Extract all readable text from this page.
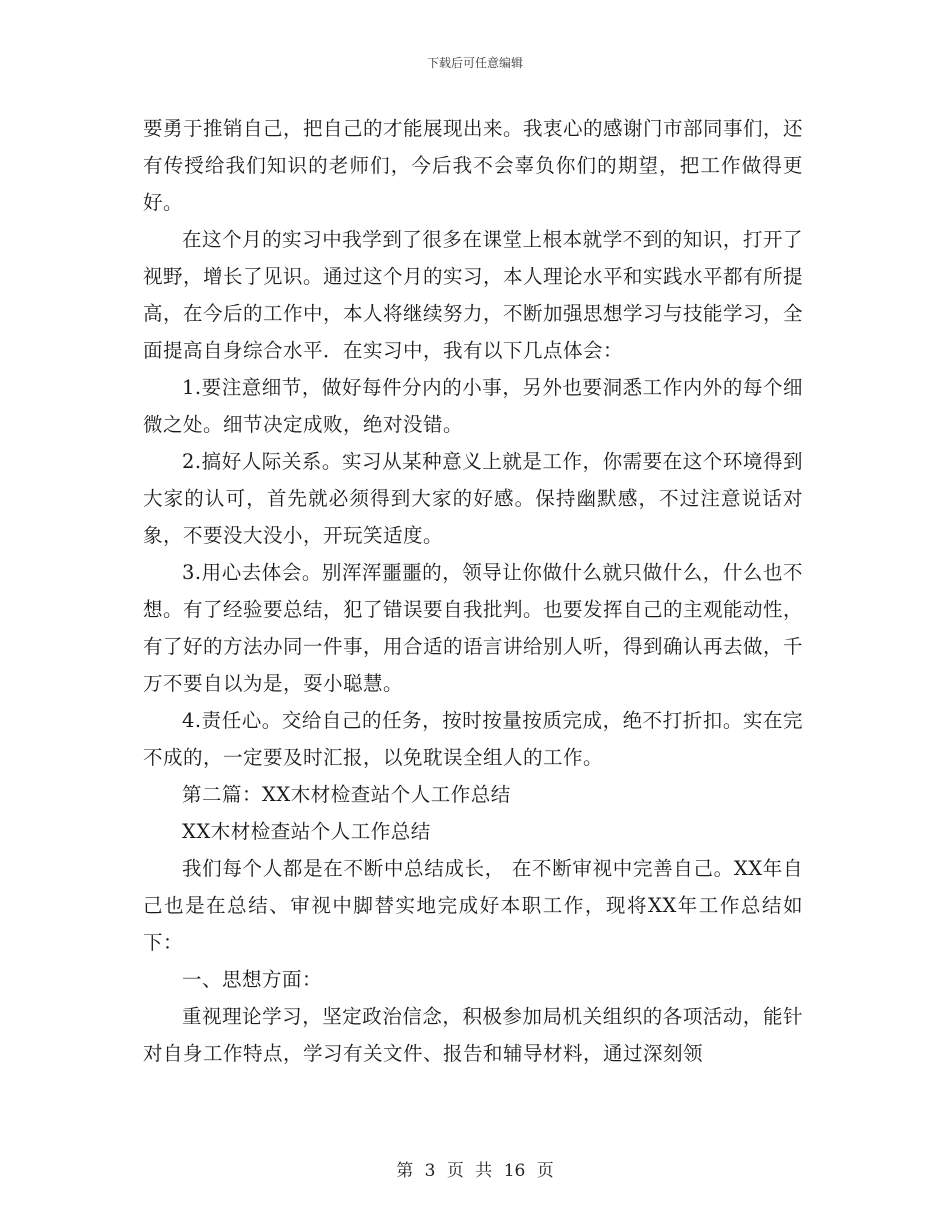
下载后可任意编辑

要勇于推销自己，把自己的才能展现出来。我衷心的感谢门市部同事们，还有传授给我们知识的老师们，今后我不会辜负你们的期望，把工作做得更好。

在这个月的实习中我学到了很多在课堂上根本就学不到的知识，打开了视野，增长了见识。通过这个月的实习，本人理论水平和实践水平都有所提高，在今后的工作中，本人将继续努力，不断加强思想学习与技能学习，全面提高自身综合水平．在实习中，我有以下几点体会：

1.要注意细节，做好每件分内的小事，另外也要洞悉工作内外的每个细微之处。细节决定成败，绝对没错。

2.搞好人际关系。实习从某种意义上就是工作，你需要在这个环境得到大家的认可，首先就必须得到大家的好感。保持幽默感，不过注意说话对象，不要没大没小，开玩笑适度。

3.用心去体会。别浑浑噩噩的，领导让你做什么就只做什么，什么也不想。有了经验要总结，犯了错误要自我批判。也要发挥自己的主观能动性，有了好的方法办同一件事，用合适的语言讲给别人听，得到确认再去做，千万不要自以为是，耍小聪慧。

4.责任心。交给自己的任务，按时按量按质完成，绝不打折扣。实在完不成的，一定要及时汇报，以免耽误全组人的工作。

第二篇：XX木材检查站个人工作总结

XX木材检查站个人工作总结

我们每个人都是在不断中总结成长， 在不断审视中完善自己。XX年自己也是在总结、审视中脚替实地完成好本职工作，现将XX年工作总结如下：

一、思想方面：

重视理论学习，坚定政治信念，积极参加局机关组织的各项活动，能针对自身工作特点，学习有关文件、报告和辅导材料，通过深刻领

第 3 页 共 16 页
